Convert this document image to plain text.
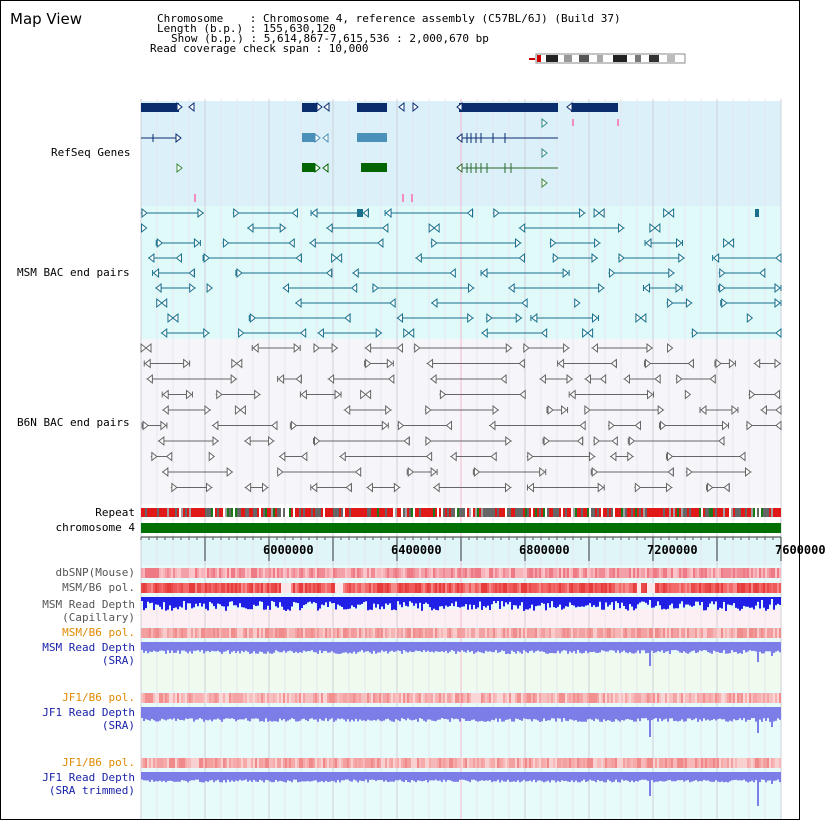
Map View	Chromosome    : Chromosome 4, reference assembly (C57BL/6J) (Build 37)
Length (b.p.) : 155,630,120
Show (b.p.) : 5,614,867-7,615,536 : 2,000,670 bp
Read coverage check span : 10,000
RefSeq Genes
MSM BAC end pairs
B6N BAC end pairs
Repeat
chromosome 4
dbSNP(Mouse)
MSM/B6 pol.
MSM Read Depth
(Capillary)
MSM/B6 pol.
MSM Read Depth
(SRA)
JF1/B6 pol.
JF1 Read Depth
(SRA)
JF1/B6 pol.
JF1 Read Depth
(SRA trimmed)
6000000	6400000	6800000	7200000	7600000
